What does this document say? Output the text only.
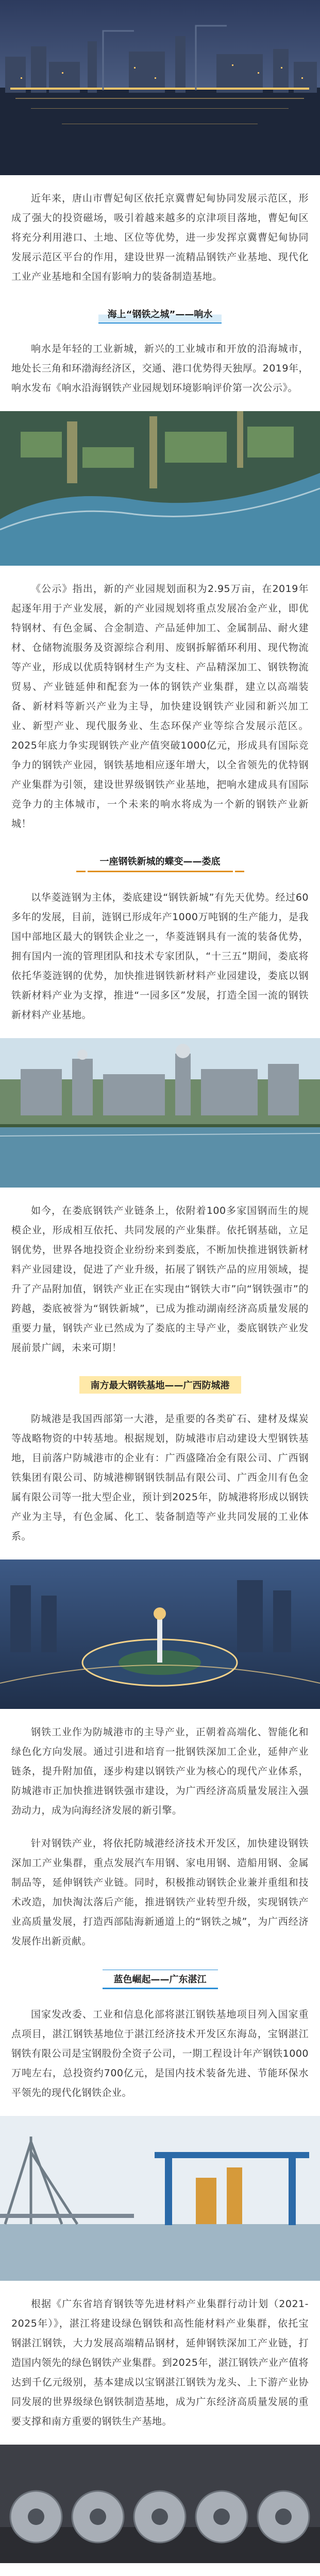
近年来，唐山市曹妃甸区依托京冀曹妃甸协同发展示范区，形成了强大的投资磁场，吸引着越来越多的京津项目落地，曹妃甸区将充分利用港口、土地、区位等优势，进一步发挥京冀曹妃甸协同发展示范区平台的作用，建设世界一流精品钢铁产业基地、现代化工业产业基地和全国有影响力的装备制造基地。

海上“钢铁之城”——响水

响水是年轻的工业新城，新兴的工业城市和开放的沿海城市，地处长三角和环渤海经济区，交通、港口优势得天独厚。2019年，响水发布《响水沿海钢铁产业园规划环境影响评价第一次公示》。

《公示》指出，新的产业园规划面积为2.95万亩，在2019年起逐年用于产业发展，新的产业园规划将重点发展冶金产业，即优特钢材、有色金属、合金制造、产品延伸加工、金属制品、耐火建材、仓储物流服务及资源综合利用、废钢拆解循环利用、现代物流等产业，形成以优质特钢材生产为支柱、产品精深加工、钢铁物流贸易、产业链延伸和配套为一体的钢铁产业集群，建立以高端装备、新材料等新兴产业为主导，加快建设钢铁产业园和新兴加工业、新型产业、现代服务业、生态环保产业等综合发展示范区。2025年底力争实现钢铁产业产值突破1000亿元，形成具有国际竞争力的钢铁产业园，钢铁基地相应逐年增大，以全省领先的优特钢产业集群为引领，建设世界级钢铁产业基地，把响水建成具有国际竞争力的主体城市，一个未来的响水将成为一个新的钢铁产业新城！

一座钢铁新城的蝶变——娄底

以华菱涟钢为主体，娄底建设“钢铁新城”有先天优势。经过60多年的发展，目前，涟钢已形成年产1000万吨钢的生产能力，是我国中部地区最大的钢铁企业之一，华菱涟钢具有一流的装备优势，拥有国内一流的管理团队和技术专家团队，“十三五”期间，娄底将依托华菱涟钢的优势，加快推进钢铁新材料产业园建设，娄底以钢铁新材料产业为支撑，推进“一园多区”发展，打造全国一流的钢铁新材料产业基地。

如今，在娄底钢铁产业链条上，依附着100多家国钢而生的规模企业，形成相互依托、共同发展的产业集群。依托钢基础，立足钢优势，世界各地投资企业纷纷来到娄底，不断加快推进钢铁新材料产业园建设，促进了产业升级，拓展了钢铁产品的应用领域，提升了产品附加值，钢铁产业正在实现由“钢铁大市”向“钢铁强市”的跨越，娄底被誉为“钢铁新城”，已成为推动湖南经济高质量发展的重要力量，钢铁产业已然成为了娄底的主导产业，娄底钢铁产业发展前景广阔，未来可期！

南方最大钢铁基地——广西防城港

防城港是我国西部第一大港，是重要的各类矿石、建材及煤炭等战略物资的中转基地。根据规划，防城港市启动建设大型钢铁基地，目前落户防城港市的企业有：广西盛隆冶金有限公司、广西钢铁集团有限公司、防城港柳钢钢铁制品有限公司、广西金川有色金属有限公司等一批大型企业，预计到2025年，防城港将形成以钢铁产业为主导，有色金属、化工、装备制造等产业共同发展的工业体系。

钢铁工业作为防城港市的主导产业，正朝着高端化、智能化和绿色化方向发展。通过引进和培育一批钢铁深加工企业，延伸产业链条，提升附加值，逐步构建以钢铁产业为核心的现代产业体系，防城港市正加快推进钢铁强市建设，为广西经济高质量发展注入强劲动力，成为向海经济发展的新引擎。

针对钢铁产业，将依托防城港经济技术开发区，加快建设钢铁深加工产业集群，重点发展汽车用钢、家电用钢、造船用钢、金属制品等，延伸钢铁产业链。同时，积极推动钢铁企业兼并重组和技术改造，加快淘汰落后产能，推进钢铁产业转型升级，实现钢铁产业高质量发展，打造西部陆海新通道上的“钢铁之城”，为广西经济发展作出新贡献。

蓝色崛起——广东湛江

国家发改委、工业和信息化部将湛江钢铁基地项目列入国家重点项目，湛江钢铁基地位于湛江经济技术开发区东海岛，宝钢湛江钢铁有限公司是宝钢股份全资子公司，一期工程设计年产钢铁1000万吨左右，总投资约700亿元，是国内技术装备先进、节能环保水平领先的现代化钢铁企业。

根据《广东省培育钢铁等先进材料产业集群行动计划（2021-2025年）》，湛江将建设绿色钢铁和高性能材料产业集群，依托宝钢湛江钢铁，大力发展高端精品钢材，延伸钢铁深加工产业链，打造国内领先的绿色钢铁产业集群。到2025年，湛江钢铁产业产值将达到千亿元级别，基本建成以宝钢湛江钢铁为龙头、上下游产业协同发展的世界级绿色钢铁制造基地，成为广东经济高质量发展的重要支撑和南方重要的钢铁生产基地。
